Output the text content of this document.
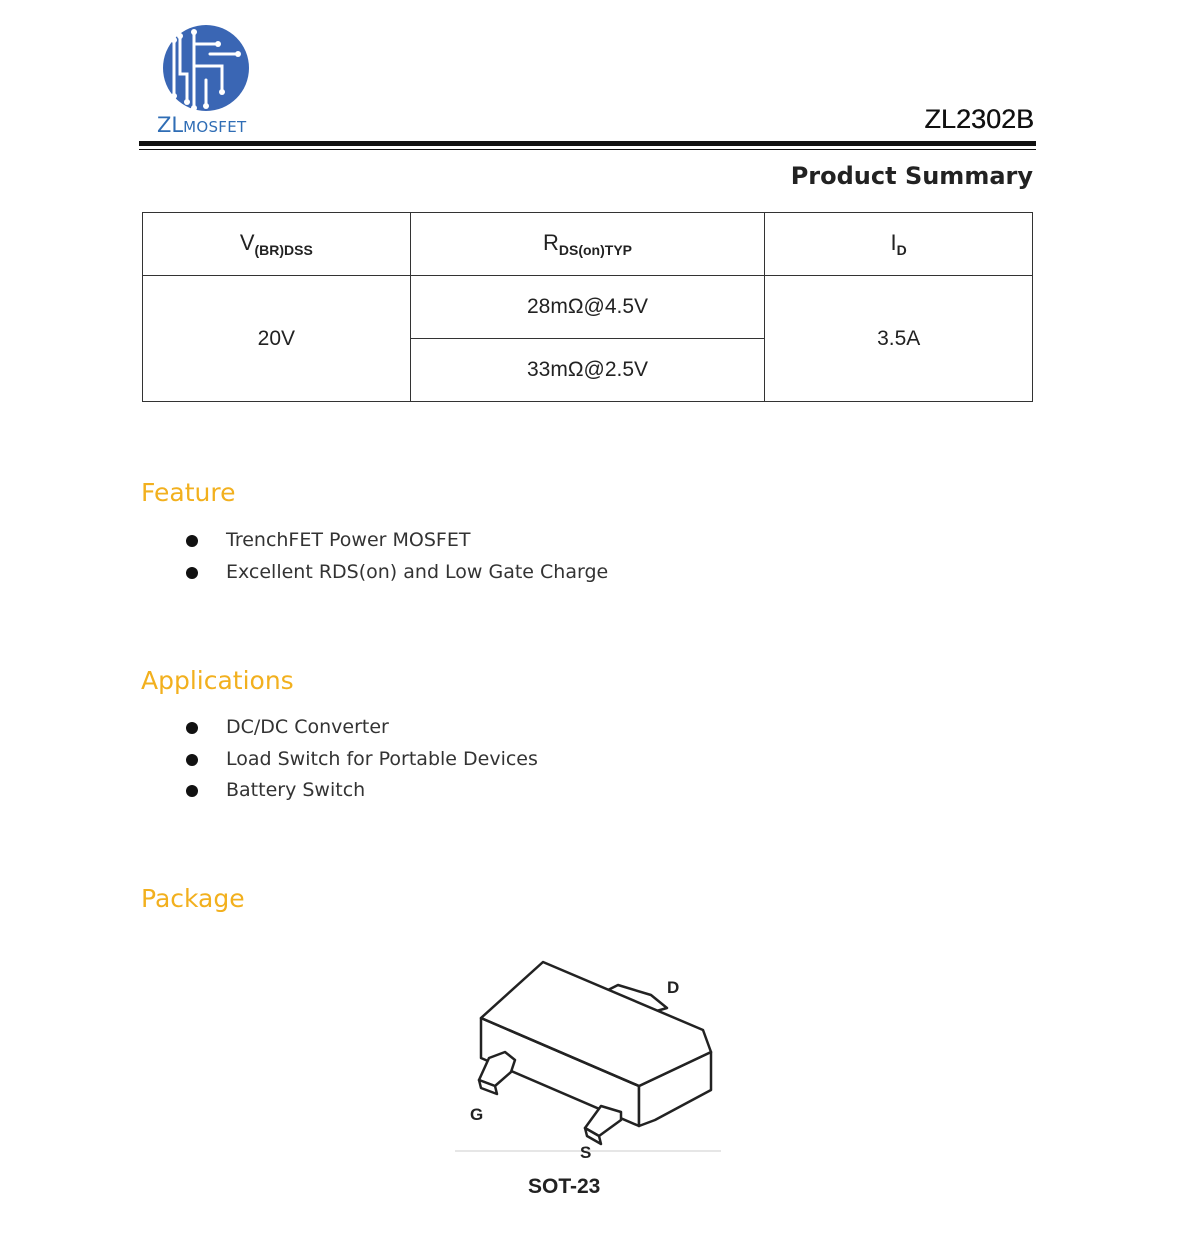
ZLMOSFET	ZL2302B
Product Summary
$V_{(BR)DSS}$	$R_{DS(on)TYP}$	$I_D$
20V	28mΩ@4.5V	3.5A
	33mΩ@2.5V	
Feature
TrenchFET Power MOSFET
Excellent RDS(on) and Low Gate Charge
Applications
DC/DC Converter
Load Switch for Portable Devices
Battery Switch
Package
D
G
S
SOT-23
